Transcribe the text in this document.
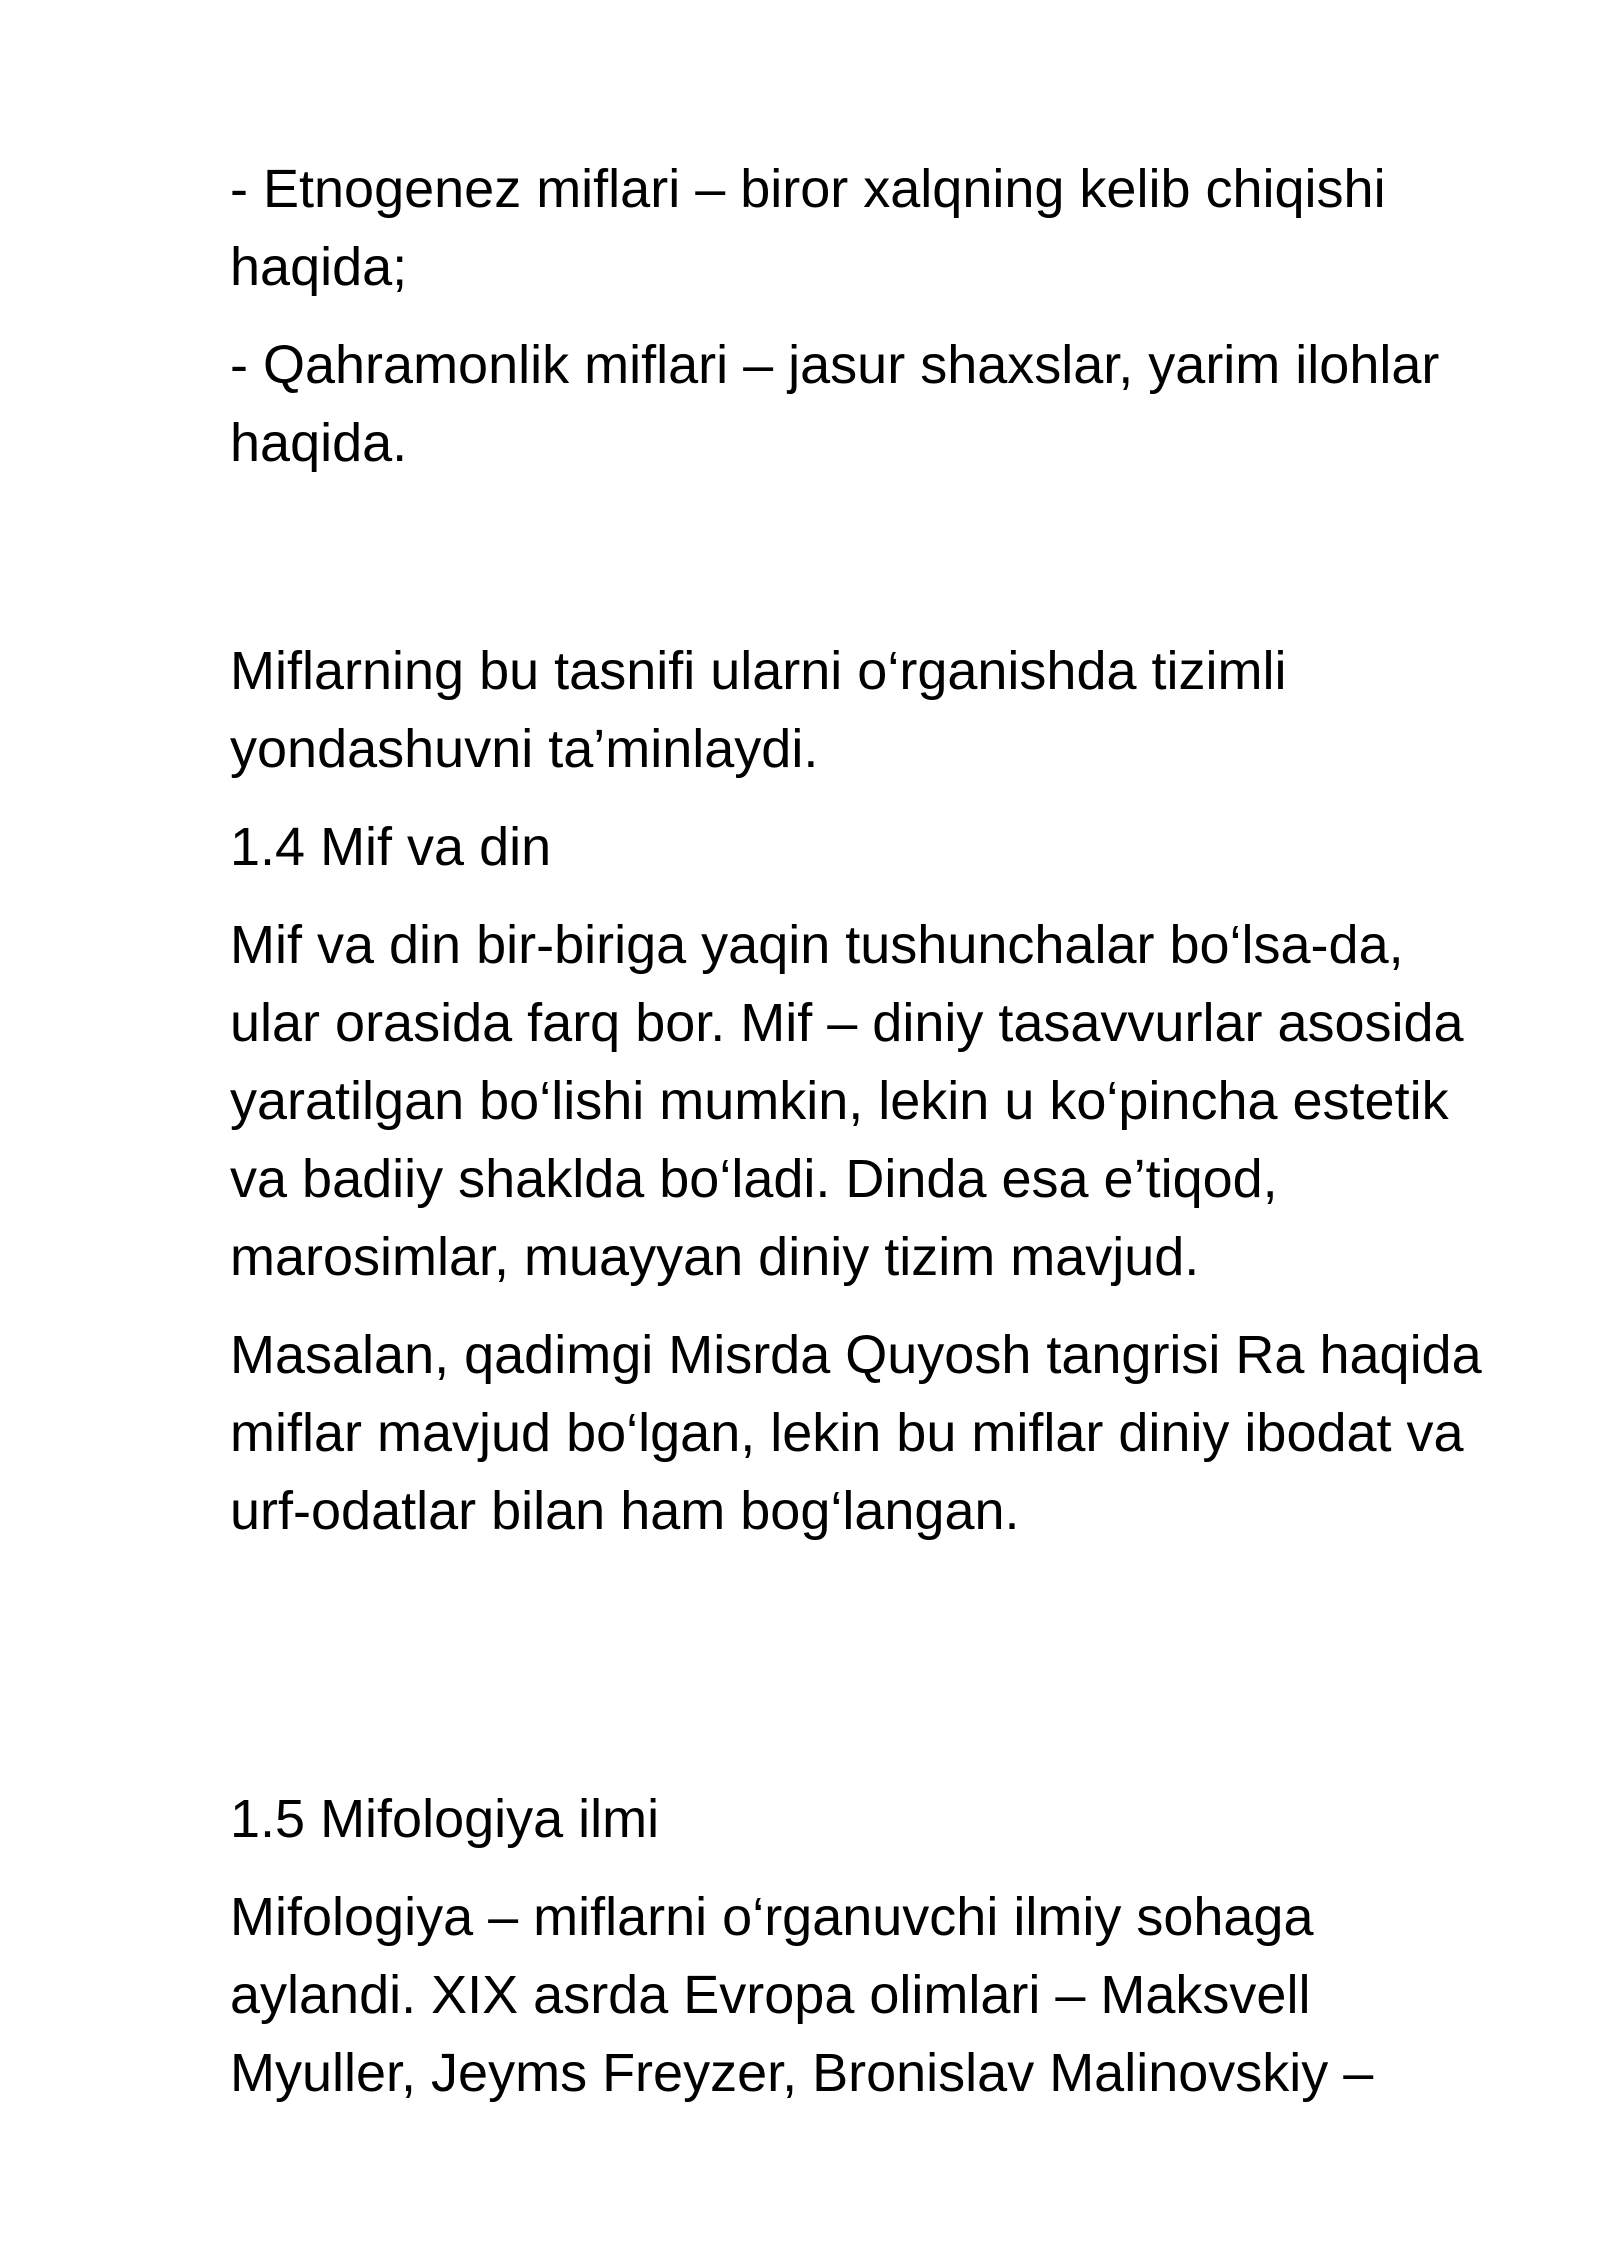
- Etnogenez miflari – biror xalqning kelib chiqishi haqida;

- Qahramonlik miflari – jasur shaxslar, yarim ilohlar haqida.

Miflarning bu tasnifi ularni o‘rganishda tizimli yondashuvni ta’minlaydi.

1.4 Mif va din

Mif va din bir-biriga yaqin tushunchalar bo‘lsa-da, ular orasida farq bor. Mif – diniy tasavvurlar asosida yaratilgan bo‘lishi mumkin, lekin u ko‘pincha estetik va badiiy shaklda bo‘ladi. Dinda esa e’tiqod, marosimlar, muayyan diniy tizim mavjud.

Masalan, qadimgi Misrda Quyosh tangrisi Ra haqida miflar mavjud bo‘lgan, lekin bu miflar diniy ibodat va urf-odatlar bilan ham bog‘langan.

1.5 Mifologiya ilmi

Mifologiya – miflarni o‘rganuvchi ilmiy sohaga aylandi. XIX asrda Evropa olimlari – Maksvell Myuller, Jeyms Freyzer, Bronislav Malinovskiy –
